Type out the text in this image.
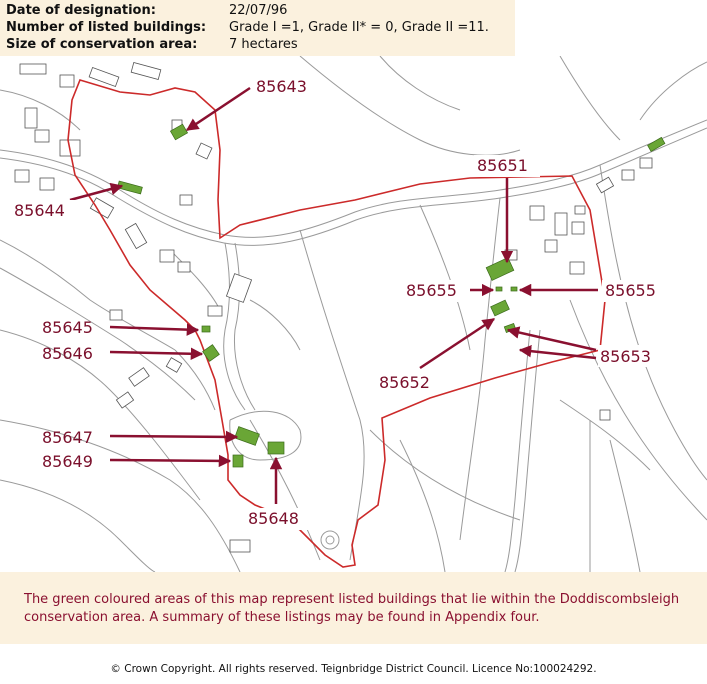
Date of designation:	22/07/96
Number of listed buildings: Grade I =1, Grade II* = 0, Grade II =11.
Size of conservation area: 7 hectares
85643
85644
85645
85646
85647
85649
85648
85651
85655	85655
85652
85653

The green coloured areas of this map represent listed buildings that lie within the Doddiscombsleigh conservation area. A summary of these listings may be found in Appendix four.

© Crown Copyright. All rights reserved. Teignbridge District Council. Licence No:100024292.
